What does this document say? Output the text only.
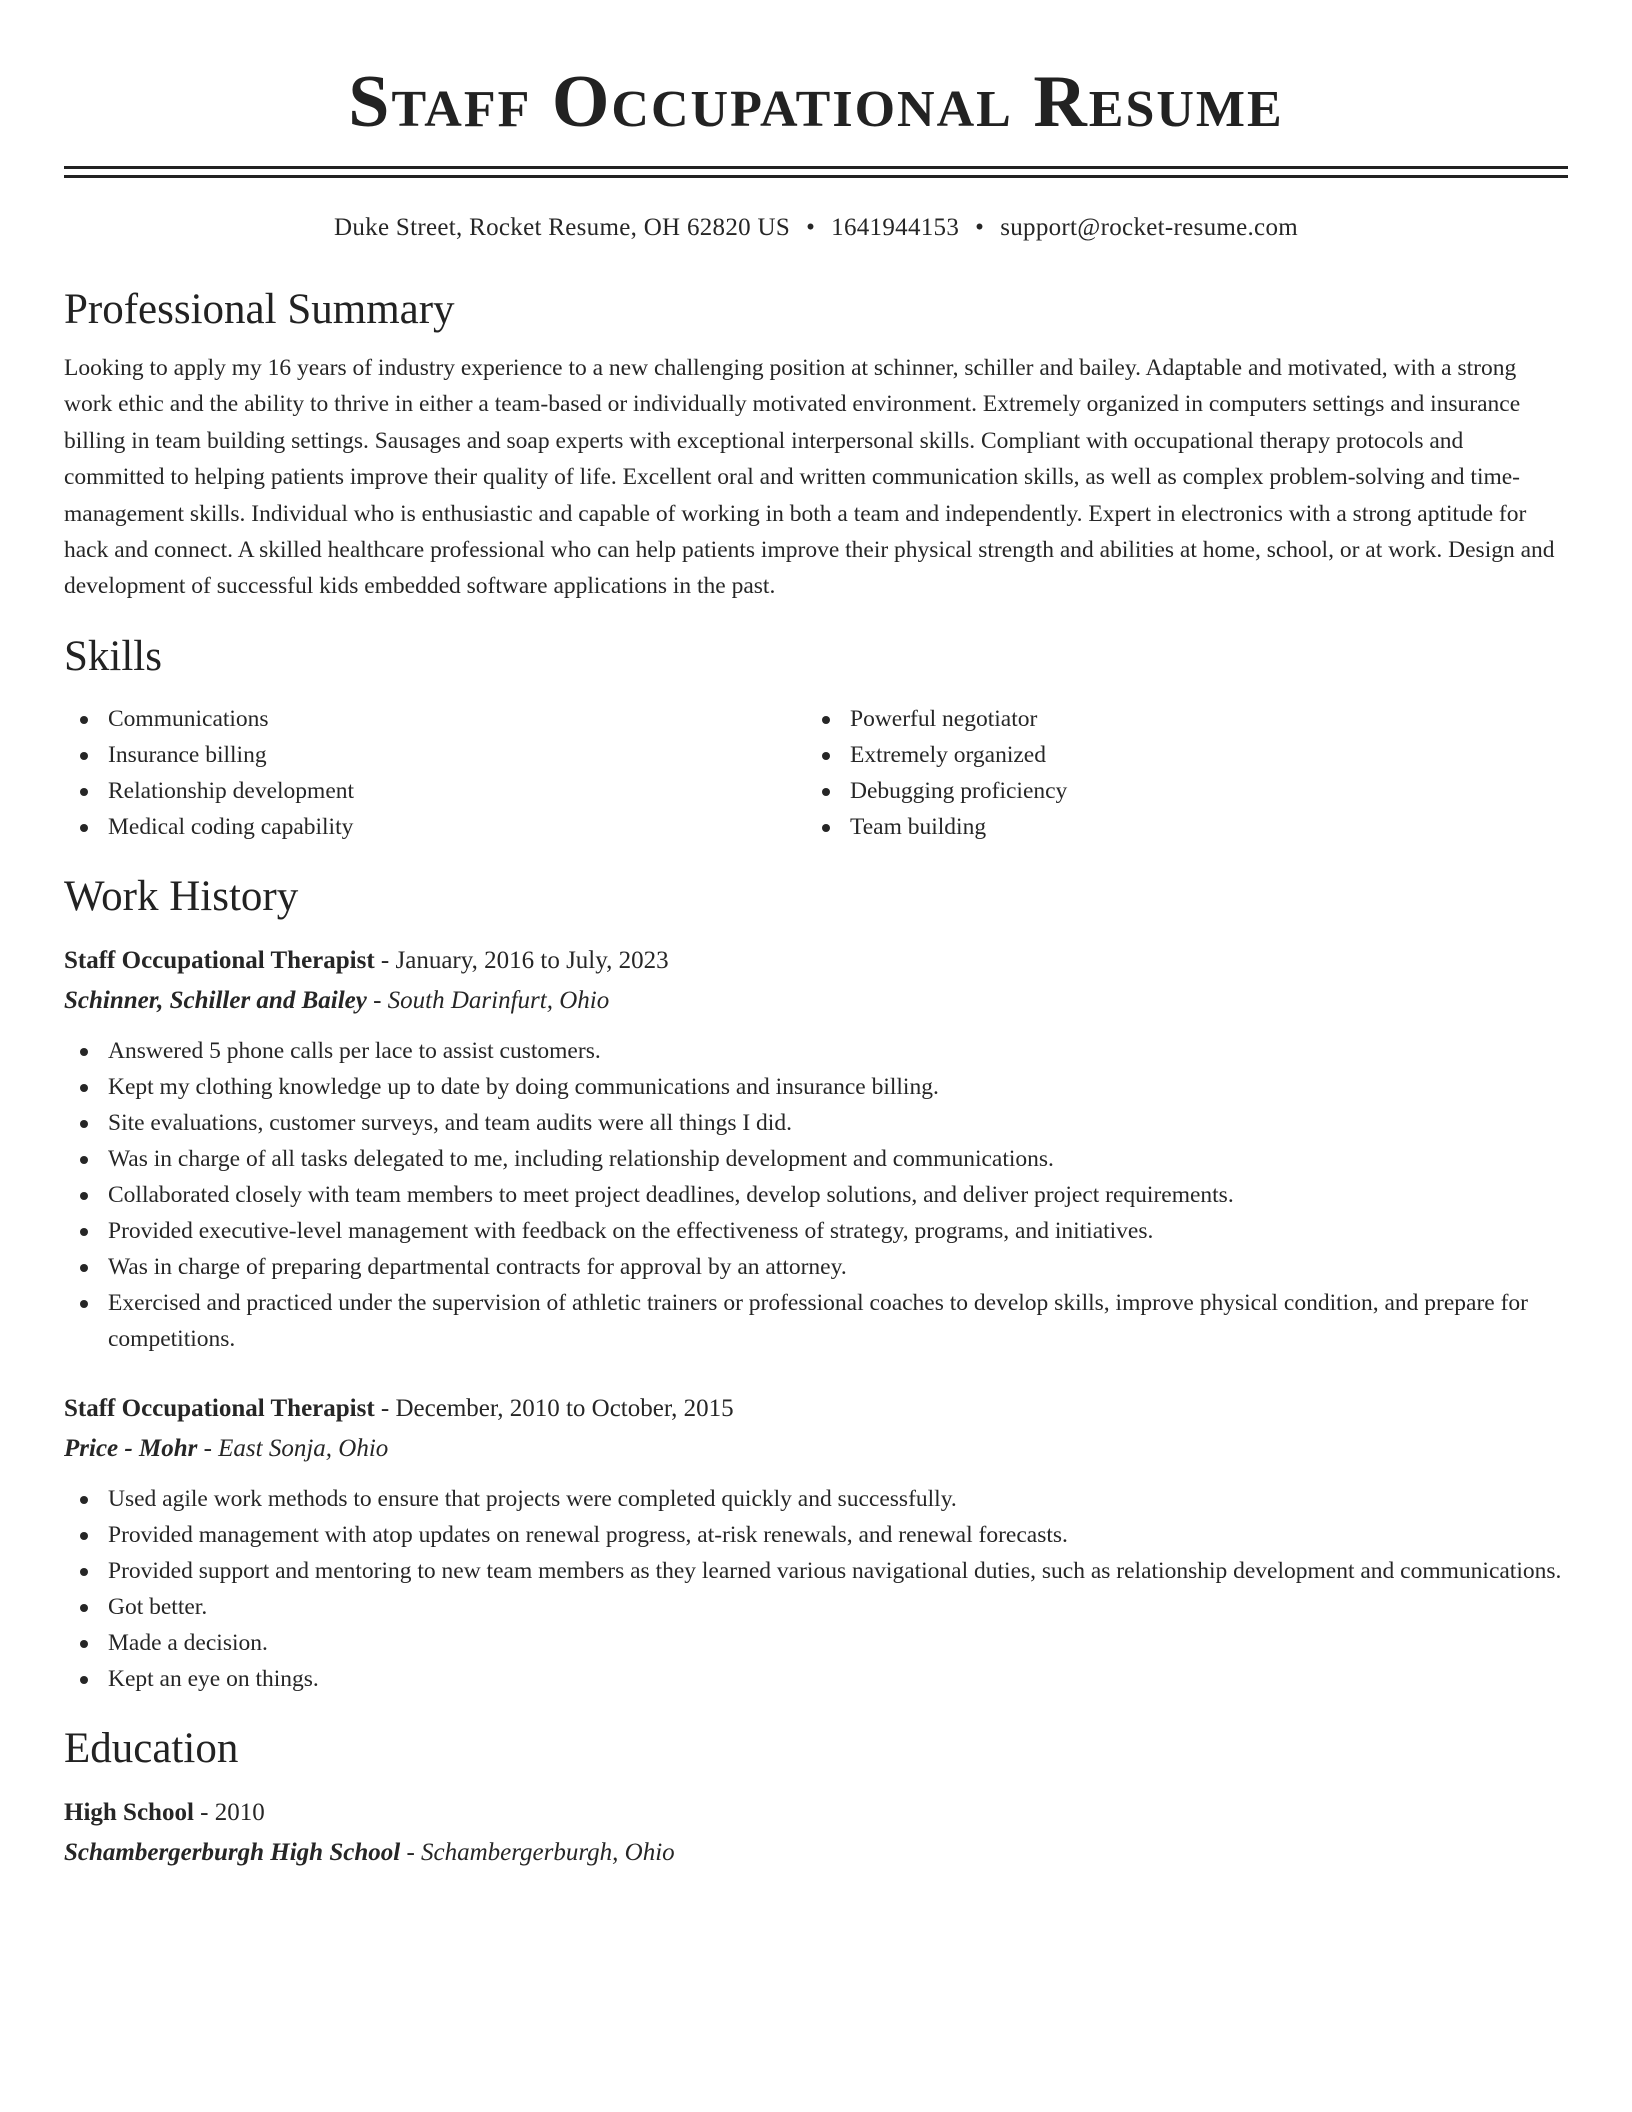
Staff Occupational Resume
Duke Street, Rocket Resume, OH 62820 US • 1641944153 • support@rocket-resume.com
Professional Summary
Looking to apply my 16 years of industry experience to a new challenging position at schinner, schiller and bailey. Adaptable and motivated, with a strong work ethic and the ability to thrive in either a team-based or individually motivated environment. Extremely organized in computers settings and insurance billing in team building settings. Sausages and soap experts with exceptional interpersonal skills. Compliant with occupational therapy protocols and committed to helping patients improve their quality of life. Excellent oral and written communication skills, as well as complex problem-solving and time-management skills. Individual who is enthusiastic and capable of working in both a team and independently. Expert in electronics with a strong aptitude for hack and connect. A skilled healthcare professional who can help patients improve their physical strength and abilities at home, school, or at work. Design and development of successful kids embedded software applications in the past.
Skills
Communications
Insurance billing
Relationship development
Medical coding capability
Powerful negotiator
Extremely organized
Debugging proficiency
Team building
Work History
Staff Occupational Therapist - January, 2016 to July, 2023
Schinner, Schiller and Bailey - South Darinfurt, Ohio
Answered 5 phone calls per lace to assist customers.
Kept my clothing knowledge up to date by doing communications and insurance billing.
Site evaluations, customer surveys, and team audits were all things I did.
Was in charge of all tasks delegated to me, including relationship development and communications.
Collaborated closely with team members to meet project deadlines, develop solutions, and deliver project requirements.
Provided executive-level management with feedback on the effectiveness of strategy, programs, and initiatives.
Was in charge of preparing departmental contracts for approval by an attorney.
Exercised and practiced under the supervision of athletic trainers or professional coaches to develop skills, improve physical condition, and prepare for competitions.
Staff Occupational Therapist - December, 2010 to October, 2015
Price - Mohr - East Sonja, Ohio
Used agile work methods to ensure that projects were completed quickly and successfully.
Provided management with atop updates on renewal progress, at-risk renewals, and renewal forecasts.
Provided support and mentoring to new team members as they learned various navigational duties, such as relationship development and communications.
Got better.
Made a decision.
Kept an eye on things.
Education
High School - 2010
Schambergerburgh High School - Schambergerburgh, Ohio
